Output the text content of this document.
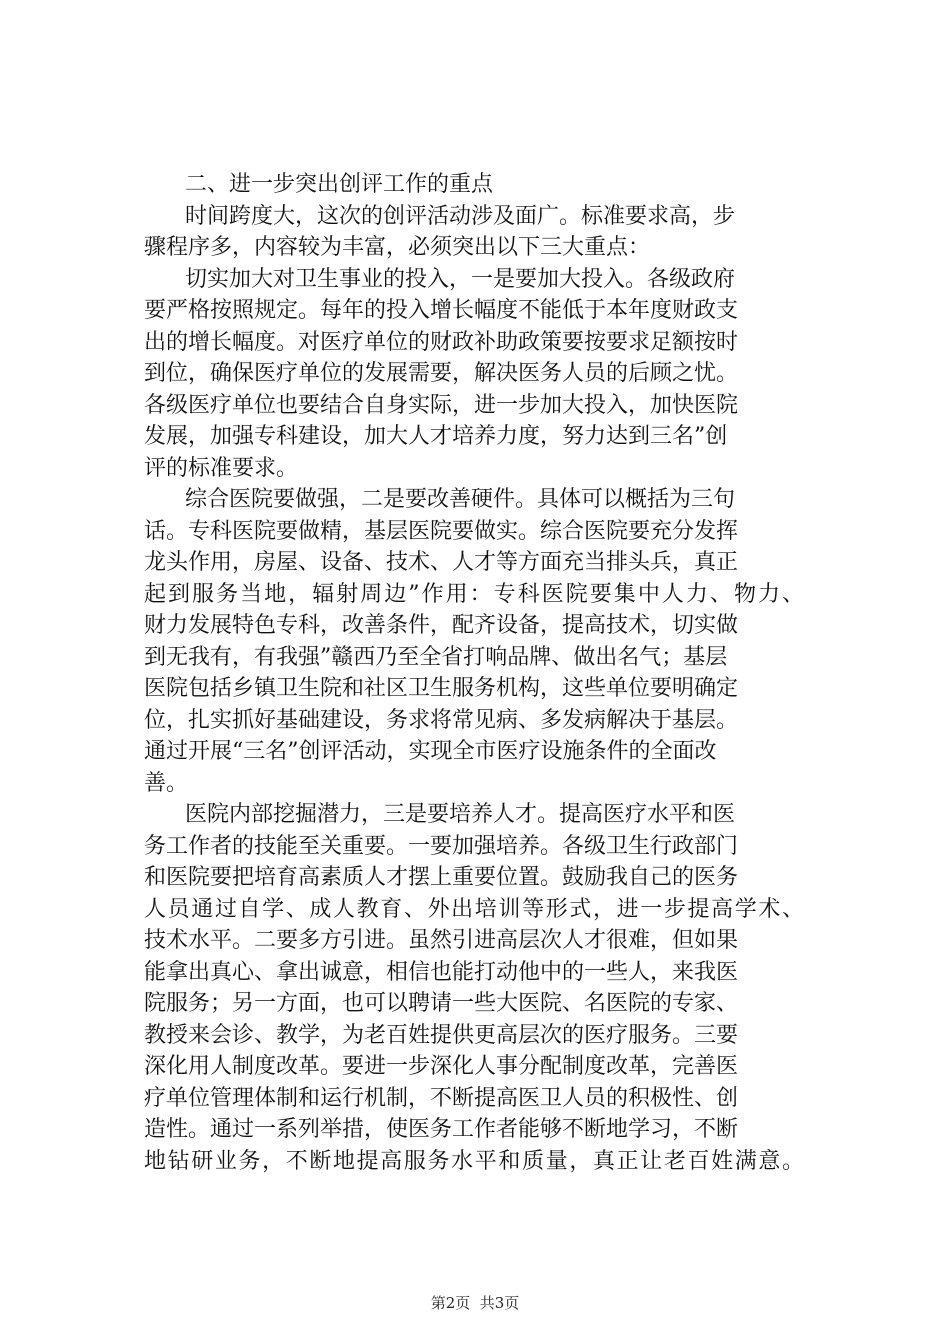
二、进一步突出创评工作的重点
时间跨度大，这次的创评活动涉及面广。标准要求高，步
骤程序多，内容较为丰富，必须突出以下三大重点：
切实加大对卫生事业的投入，一是要加大投入。各级政府
要严格按照规定。每年的投入增长幅度不能低于本年度财政支
出的增长幅度。对医疗单位的财政补助政策要按要求足额按时
到位，确保医疗单位的发展需要，解决医务人员的后顾之忧。
各级医疗单位也要结合自身实际，进一步加大投入，加快医院
发展，加强专科建设，加大人才培养力度，努力达到三名”创
评的标准要求。
综合医院要做强，二是要改善硬件。具体可以概括为三句
话。专科医院要做精，基层医院要做实。综合医院要充分发挥
龙头作用，房屋、设备、技术、人才等方面充当排头兵，真正
起到服务当地，辐射周边”作用：专科医院要集中人力、物力、
财力发展特色专科，改善条件，配齐设备，提高技术，切实做
到无我有，有我强”赣西乃至全省打响品牌、做出名气；基层
医院包括乡镇卫生院和社区卫生服务机构，这些单位要明确定
位，扎实抓好基础建设，务求将常见病、多发病解决于基层。
通过开展“三名”创评活动，实现全市医疗设施条件的全面改
善。
医院内部挖掘潜力，三是要培养人才。提高医疗水平和医
务工作者的技能至关重要。一要加强培养。各级卫生行政部门
和医院要把培育高素质人才摆上重要位置。鼓励我自己的医务
人员通过自学、成人教育、外出培训等形式，进一步提高学术、
技术水平。二要多方引进。虽然引进高层次人才很难，但如果
能拿出真心、拿出诚意，相信也能打动他中的一些人，来我医
院服务；另一方面，也可以聘请一些大医院、名医院的专家、
教授来会诊、教学，为老百姓提供更高层次的医疗服务。三要
深化用人制度改革。要进一步深化人事分配制度改革，完善医
疗单位管理体制和运行机制，不断提高医卫人员的积极性、创
造性。通过一系列举措，使医务工作者能够不断地学习，不断
地钻研业务，不断地提高服务水平和质量，真正让老百姓满意。
第2页  共3页
